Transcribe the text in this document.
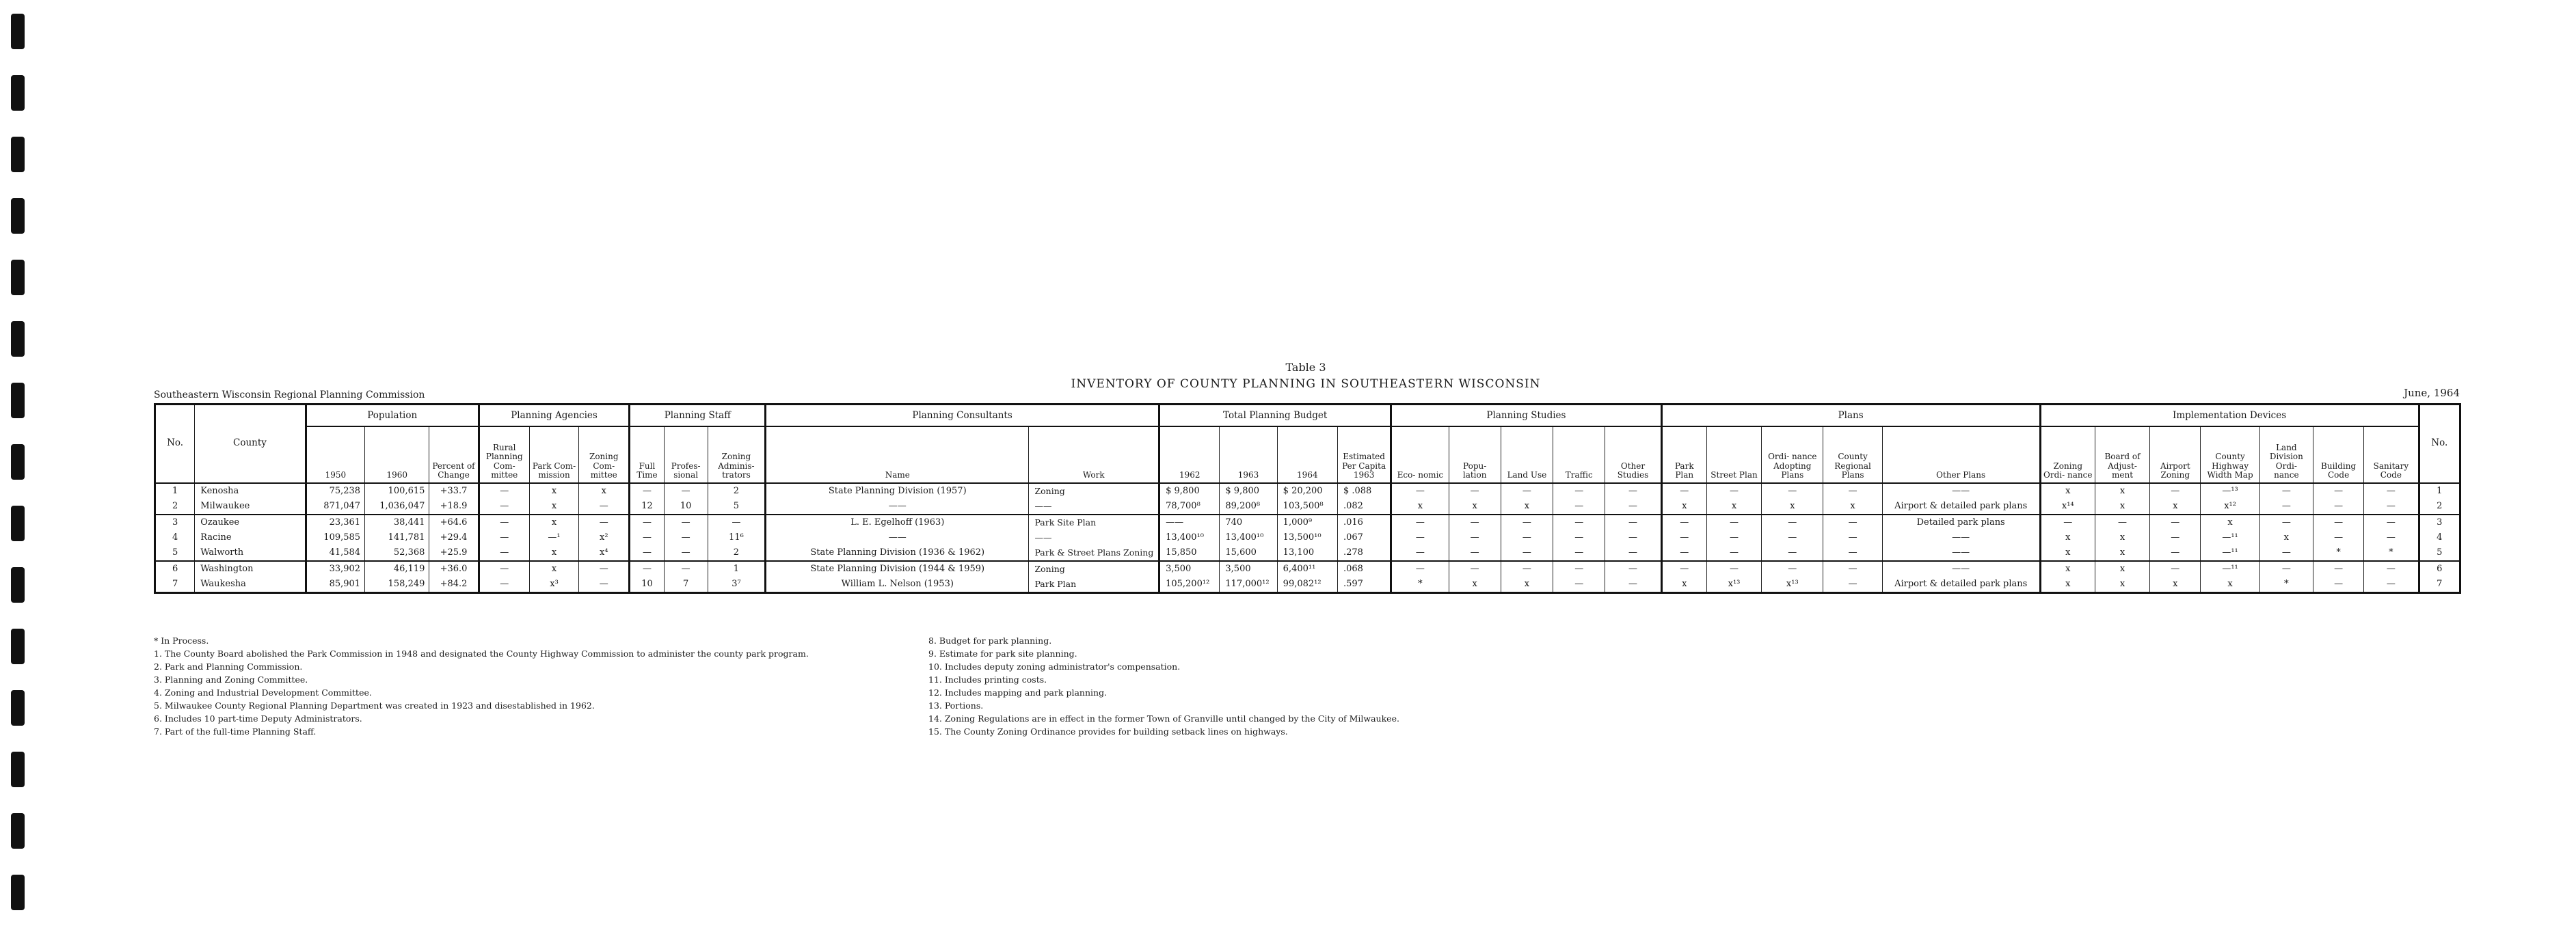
Table 3
INVENTORY OF COUNTY PLANNING IN SOUTHEASTERN WISCONSIN
Southeastern Wisconsin Regional Planning Commission	June, 1964
No.	County	Population			Planning Agencies			Planning Staff			Planning Consultants		Total Planning Budget				Planning Studies					Plans					Implementation Devices							No.
		1950	1960	Percent of Change	Rural Planning Com- mittee	Park Com- mission	Zoning Com- mittee	Full Time	Profes- sional	Zoning Adminis- trators	Name	Work	1962	1963	1964	Estimated Per Capita 1963	Eco- nomic	Popu- lation	Land Use	Traffic	Other Studies	Park Plan	Street Plan	Ordi- nance Adopting Plans	County Regional Plans	Other Plans	Zoning Ordi- nance	Board of Adjust- ment	Airport Zoning	County Highway Width Map	Land Division Ordi- nance	Building Code	Sanitary Code	
1	Kenosha	75,238	100,615	+33.7	—	x	x	—	—	2	State Planning Division (1957)	Zoning	$ 9,800	$ 9,800	$ 20,200	$ .088	—	—	—	—	—	—	—	—	—	——	x	x	—	—¹³	—	—	—	1
2	Milwaukee	871,047	1,036,047	+18.9	—	x	—	12	10	5	——	——	78,700⁸	89,200⁸	103,500⁸	.082	x	x	x	—	—	x	x	x	x	Airport & detailed park plans	x¹⁴	x	x	x¹²	—	—	—	2
3	Ozaukee	23,361	38,441	+64.6	—	x	—	—	—	—	L. E. Egelhoff (1963)	Park Site Plan	——	740	1,000⁹	.016	—	—	—	—	—	—	—	—	—	Detailed park plans	—	—	—	x	—	—	—	3
4	Racine	109,585	141,781	+29.4	—	—¹	x²	—	—	11⁶	——	——	13,400¹⁰	13,400¹⁰	13,500¹⁰	.067	—	—	—	—	—	—	—	—	—	——	x	x	—	—¹¹	x	—	—	4
5	Walworth	41,584	52,368	+25.9	—	x	x⁴	—	—	2	State Planning Division (1936 & 1962)	Park & Street Plans Zoning	15,850	15,600	13,100	.278	—	—	—	—	—	—	—	—	—	——	x	x	—	—¹¹	—	*	*	5
6	Washington	33,902	46,119	+36.0	—	x	—	—	—	1	State Planning Division (1944 & 1959)	Zoning	3,500	3,500	6,400¹¹	.068	—	—	—	—	—	—	—	—	—	——	x	x	—	—¹¹	—	—	—	6
7	Waukesha	85,901	158,249	+84.2	—	x³	—	10	7	3⁷	William L. Nelson (1953)	Park Plan	105,200¹²	117,000¹²	99,082¹²	.597	*	x	x	—	—	x	x¹³	x¹³	—	Airport & detailed park plans	x	x	x	x	*	—	—	7
* In Process.
1. The County Board abolished the Park Commission in 1948 and designated the County Highway Commission to administer the county park program.
2. Park and Planning Commission.
3. Planning and Zoning Committee.
4. Zoning and Industrial Development Committee.
5. Milwaukee County Regional Planning Department was created in 1923 and disestablished in 1962.
6. Includes 10 part-time Deputy Administrators.
7. Part of the full-time Planning Staff.
8. Budget for park planning.
9. Estimate for park site planning.
10. Includes deputy zoning administrator's compensation.
11. Includes printing costs.
12. Includes mapping and park planning.
13. Portions.
14. Zoning Regulations are in effect in the former Town of Granville until changed by the City of Milwaukee.
15. The County Zoning Ordinance provides for building setback lines on highways.
